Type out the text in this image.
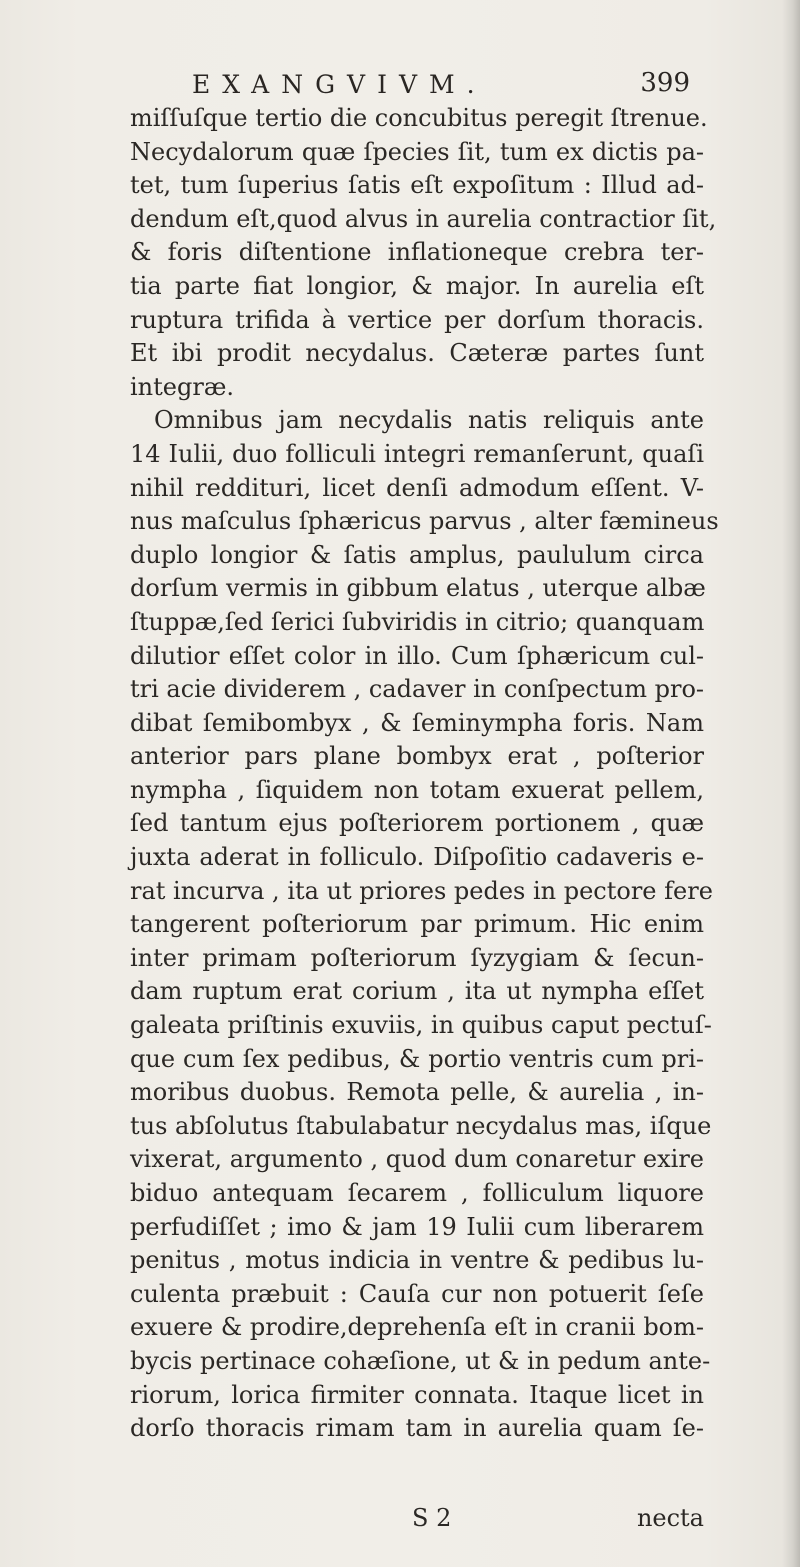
EXANGVIVM.	399
miſſuſque tertio die concubitus peregit ſtrenue.
Necydalorum quæ ſpecies ſit, tum ex dictis pa-
tet, tum ſuperius ſatis eſt expoſitum : Illud ad-
dendum eſt,quod alvus in aurelia contractior ſit,
& foris diſtentione inflationeque crebra ter-
tia parte fiat longior, & major. In aurelia eſt
ruptura trifida à vertice per dorſum thoracis.
Et ibi prodit necydalus. Cæteræ partes ſunt
integræ.
Omnibus jam necydalis natis reliquis ante
14 Iulii, duo folliculi integri remanſerunt, quaſi
nihil redditurі, licet denſi admodum eſſent. V-
nus maſculus ſphæricus parvus , alter fæmineus
duplo longior & ſatis amplus, paululum circa
dorſum vermis in gibbum elatus , uterque albæ
ſtuppæ,ſed ſerici ſubviridis in citrio; quanquam
dilutior eſſet color in illo. Cum ſphæricum cul-
tri acie dividerem , cadaver in conſpectum pro-
dibat ſemibombyx , & ſeminympha foris. Nam
anterior pars plane bombyx erat , poſterior
nympha , ſiquidem non totam exuerat pellem,
ſed tantum ejus poſteriorem portionem , quæ
juxta aderat in folliculo. Diſpoſitio cadaveris e-
rat incurva , ita ut priores pedes in pectore fere
tangerent poſteriorum par primum. Hic enim
inter primam poſteriorum ſyzygiam & ſecun-
dam ruptum erat corium , ita ut nympha eſſet
galeata priſtinis exuviis, in quibus caput pectuſ-
que cum ſex pedibus, & portio ventris cum pri-
moribus duobus. Remota pelle, & aurelia , in-
tus abſolutus ſtabulabatur necydalus mas, iſque
vixerat, argumento , quod dum conaretur exire
biduo antequam ſecarem , folliculum liquore
perfudiſſet ; imo & jam 19 Iulii cum liberarem
penitus , motus indicia in ventre & pedibus lu-
culenta præbuit : Cauſa cur non potuerit ſeſe
exuere & prodire,deprehenſa eſt in cranii bom-
bycis pertinace cohæſione, ut & in pedum ante-
riorum, lorica firmiter connata. Itaque licet in
dorſo thoracis rimam tam in aurelia quam ſe-
S 2	necta
